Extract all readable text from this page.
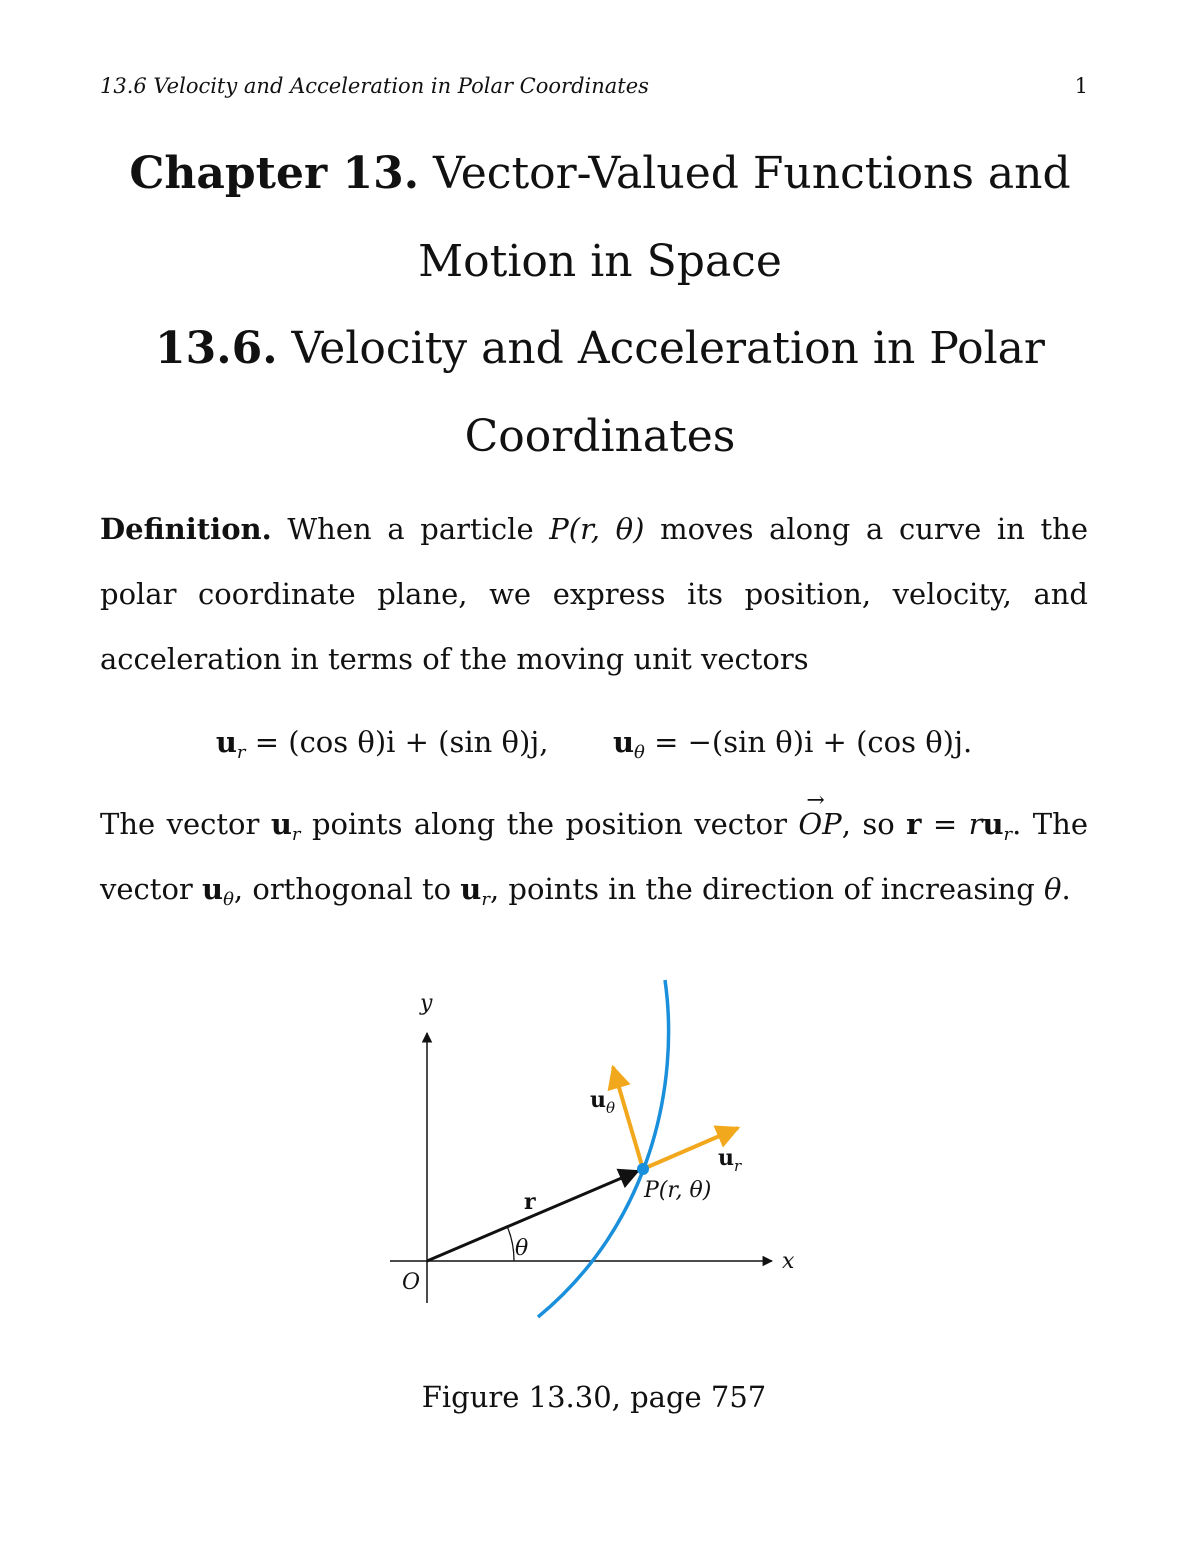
13.6 Velocity and Acceleration in Polar Coordinates	1
Chapter 13. Vector-Valued Functions and
Motion in Space
13.6. Velocity and Acceleration in Polar
Coordinates
Definition. When a particle P(r, θ) moves along a curve in the polar coordinate plane, we express its position, velocity, and acceleration in terms of the moving unit vectors
$u_r = (\cos$ θ)i + (sin θ)j, $u_\theta = -(\sin$ θ)i + (cos θ)j.
The vector $u_r$ points along the position vector → OP, so $r = ru_r$. The vector $u_\theta$, orthogonal to $u_r$, points in the direction of increasing θ.
y
x
O
r
θ
P(r, θ)
$u_r$
$u_\theta$
Figure 13.30, page 757
